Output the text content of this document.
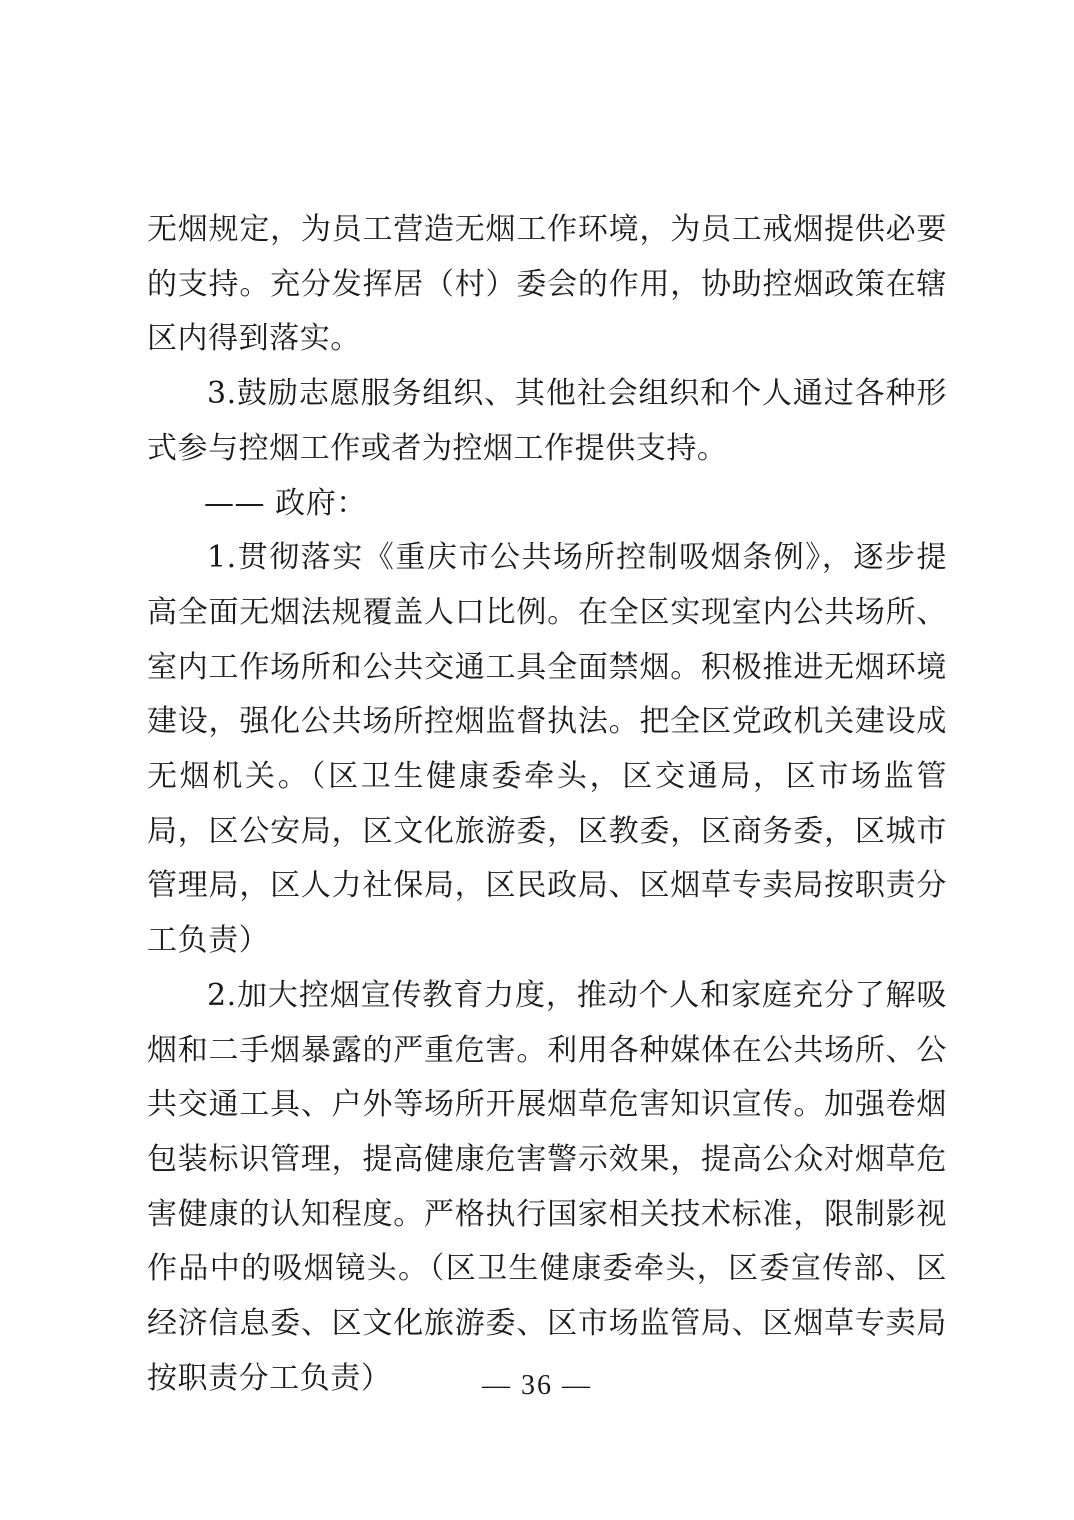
无烟规定，为员工营造无烟工作环境，为员工戒烟提供必要的支持。充分发挥居（村）委会的作用，协助控烟政策在辖区内得到落实。

3.鼓励志愿服务组织、其他社会组织和个人通过各种形式参与控烟工作或者为控烟工作提供支持。

—— 政府：

1.贯彻落实《重庆市公共场所控制吸烟条例》，逐步提高全面无烟法规覆盖人口比例。在全区实现室内公共场所、室内工作场所和公共交通工具全面禁烟。积极推进无烟环境建设，强化公共场所控烟监督执法。把全区党政机关建设成无烟机关。（区卫生健康委牵头，区交通局，区市场监管局，区公安局，区文化旅游委，区教委，区商务委，区城市管理局，区人力社保局，区民政局、区烟草专卖局按职责分工负责）

2.加大控烟宣传教育力度，推动个人和家庭充分了解吸烟和二手烟暴露的严重危害。利用各种媒体在公共场所、公共交通工具、户外等场所开展烟草危害知识宣传。加强卷烟包装标识管理，提高健康危害警示效果，提高公众对烟草危害健康的认知程度。严格执行国家相关技术标准，限制影视作品中的吸烟镜头。（区卫生健康委牵头，区委宣传部、区经济信息委、区文化旅游委、区市场监管局、区烟草专卖局按职责分工负责）	— 36 —
